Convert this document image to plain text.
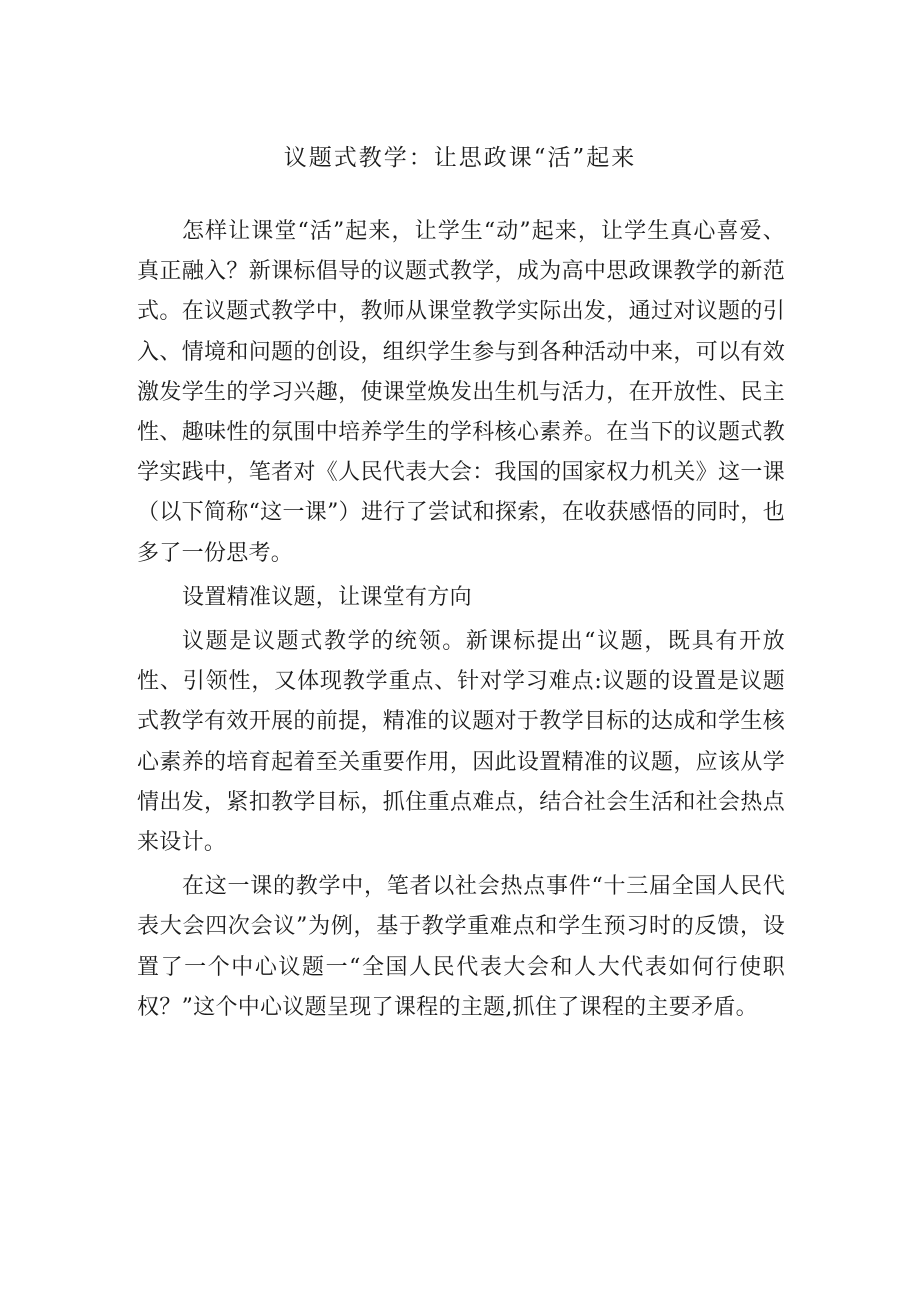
议题式教学：让思政课“活”起来

怎样让课堂“活”起来，让学生“动”起来，让学生真心喜爱、真正融入？新课标倡导的议题式教学，成为高中思政课教学的新范式。在议题式教学中，教师从课堂教学实际出发，通过对议题的引入、情境和问题的创设，组织学生参与到各种活动中来，可以有效激发学生的学习兴趣，使课堂焕发出生机与活力，在开放性、民主性、趣味性的氛围中培养学生的学科核心素养。在当下的议题式教学实践中，笔者对《人民代表大会：我国的国家权力机关》这一课（以下简称“这一课”）进行了尝试和探索，在收获感悟的同时，也多了一份思考。

设置精准议题，让课堂有方向

议题是议题式教学的统领。新课标提出“议题，既具有开放性、引领性，又体现教学重点、针对学习难点:议题的设置是议题式教学有效开展的前提，精准的议题对于教学目标的达成和学生核心素养的培育起着至关重要作用，因此设置精准的议题，应该从学情出发，紧扣教学目标，抓住重点难点，结合社会生活和社会热点来设计。

在这一课的教学中，笔者以社会热点事件“十三届全国人民代表大会四次会议”为例，基于教学重难点和学生预习时的反馈，设置了一个中心议题一“全国人民代表大会和人大代表如何行使职权？”这个中心议题呈现了课程的主题,抓住了课程的主要矛盾。
